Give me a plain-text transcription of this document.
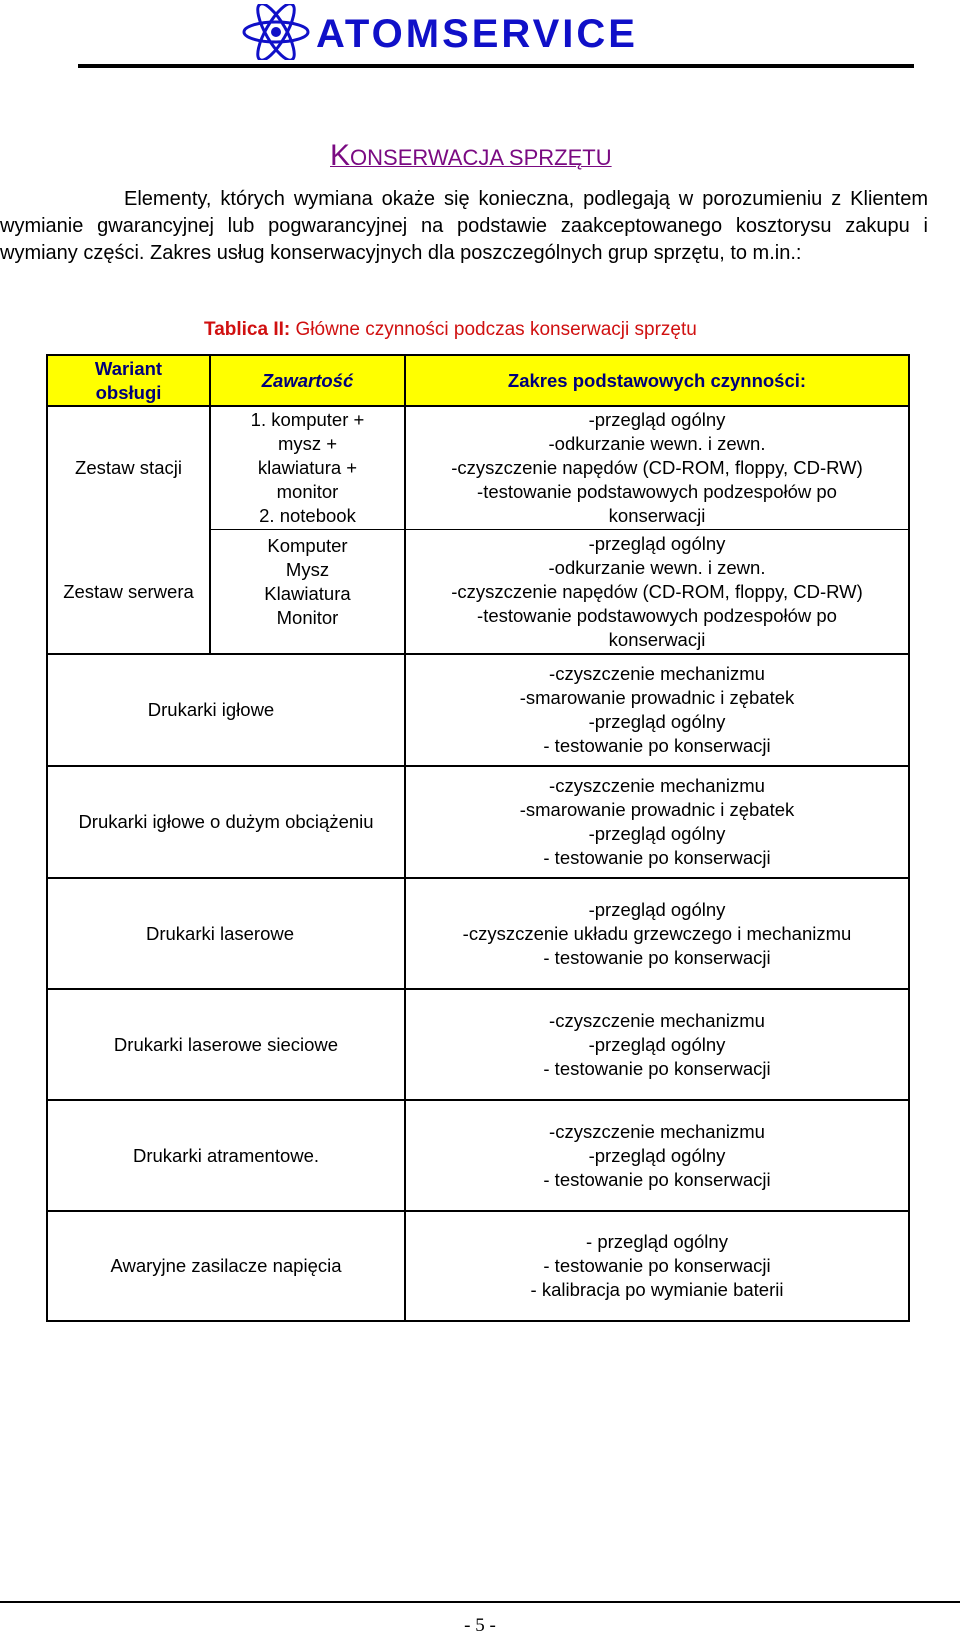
ATOMSERVICE
KONSERWACJA SPRZĘTU

Elementy, których wymiana okaże się konieczna, podlegają w porozumieniu z Klientem wymianie gwarancyjnej lub pogwarancyjnej na podstawie zaakceptowanego kosztorysu zakupu i wymiany części. Zakres usług konserwacyjnych dla poszczególnych grup sprzętu, to m.in.:

Tablica II: Główne czynności podczas konserwacji sprzętu
Wariant
obsługi
Zawartość	Zakres podstawowych czynności:
Zestaw stacji
1. komputer +
mysz +
klawiatura +
monitor
2. notebook
-przegląd ogólny
-odkurzanie wewn. i zewn.
-czyszczenie napędów (CD-ROM, floppy, CD-RW)
-testowanie podstawowych podzespołów po
konserwacji
Zestaw serwera
Komputer
Mysz
Klawiatura
Monitor
-przegląd ogólny
-odkurzanie wewn. i zewn.
-czyszczenie napędów (CD-ROM, floppy, CD-RW)
-testowanie podstawowych podzespołów po
konserwacji
Drukarki igłowe
-czyszczenie mechanizmu
-smarowanie prowadnic i zębatek
-przegląd ogólny
- testowanie po konserwacji
Drukarki igłowe o dużym obciążeniu
-czyszczenie mechanizmu
-smarowanie prowadnic i zębatek
-przegląd ogólny
- testowanie po konserwacji
Drukarki laserowe
-przegląd ogólny
-czyszczenie układu grzewczego i mechanizmu
- testowanie po konserwacji
Drukarki laserowe sieciowe
-czyszczenie mechanizmu
-przegląd ogólny
- testowanie po konserwacji
Drukarki atramentowe.
-czyszczenie mechanizmu
-przegląd ogólny
- testowanie po konserwacji
Awaryjne zasilacze napięcia
- przegląd ogólny
- testowanie po konserwacji
- kalibracja po wymianie baterii
- 5 -
